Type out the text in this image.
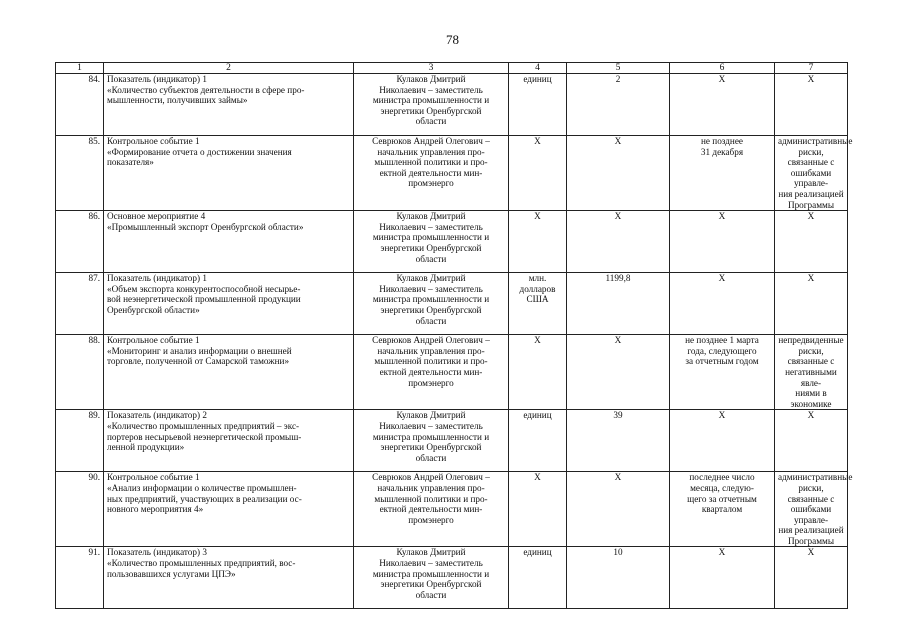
78
1	2	3	4	5	6	7

84.	Показатель (индикатор) 1
«Количество субъектов деятельности в сфере про-
мышленности, получивших займы»	Кулаков Дмитрий
Николаевич – заместитель
министра промышленности и
энергетики Оренбургской
области	единиц	2	X	X

85.	Контрольное событие 1
«Формирование отчета о достижении значения
показателя»	Севрюков Андрей Олегович –
начальник управления про-
мышленной политики и про-
ектной деятельности мин-
промэнерго	X	X	не позднее
31 декабря	административные
риски, связанные с
ошибками управле-
ния реализацией
Программы

86.	Основное мероприятие 4
«Промышленный экспорт Оренбургской области»	Кулаков Дмитрий
Николаевич – заместитель
министра промышленности и
энергетики Оренбургской
области	X	X	X	X

87.	Показатель (индикатор) 1
«Объем экспорта конкурентоспособной несырье-
вой неэнергетической промышленной продукции
Оренбургской области»	Кулаков Дмитрий
Николаевич – заместитель
министра промышленности и
энергетики Оренбургской
области	млн.
долларов
США	1199,8	X	X

88.	Контрольное событие 1
«Мониторинг и анализ информации о внешней
торговле, полученной от Самарской таможни»	Севрюков Андрей Олегович –
начальник управления про-
мышленной политики и про-
ектной деятельности мин-
промэнерго	X	X	не позднее 1 марта
года, следующего
за отчетным годом	непредвиденные
риски, связанные с
негативными явле-
ниями в экономике

89.	Показатель (индикатор) 2
«Количество промышленных предприятий – экс-
портеров несырьевой неэнергетической промыш-
ленной продукции»	Кулаков Дмитрий
Николаевич – заместитель
министра промышленности и
энергетики Оренбургской
области	единиц	39	X	X

90.	Контрольное событие 1
«Анализ информации о количестве промышлен-
ных предприятий, участвующих в реализации ос-
новного мероприятия 4»	Севрюков Андрей Олегович –
начальник управления про-
мышленной политики и про-
ектной деятельности мин-
промэнерго	X	X	последнее число
месяца, следую-
щего за отчетным
кварталом	административные
риски, связанные с
ошибками управле-
ния реализацией
Программы

91.	Показатель (индикатор) 3
«Количество промышленных предприятий, вос-
пользовавшихся услугами ЦПЭ»	Кулаков Дмитрий
Николаевич – заместитель
министра промышленности и
энергетики Оренбургской
области	единиц	10	X	X
